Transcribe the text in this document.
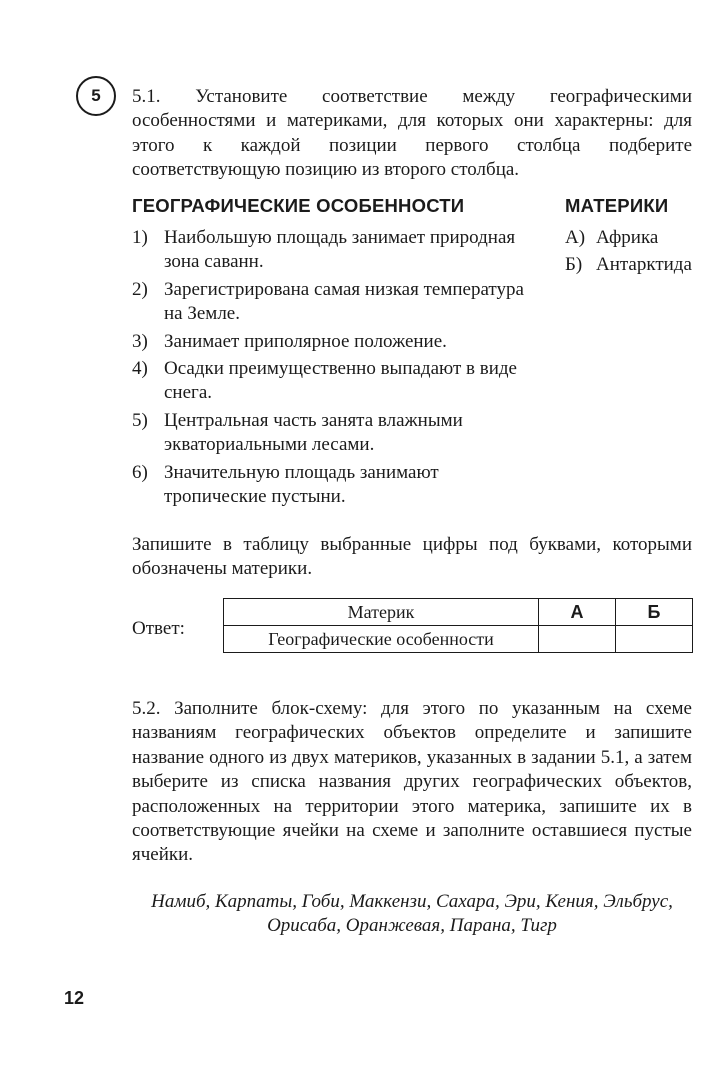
5 5.1. Установите соответствие между географическими особенностями и материками, для которых они характерны: для этого к каждой позиции первого столбца подберите соответствующую позицию из второго столбца.

ГЕОГРАФИЧЕСКИЕ ОСОБЕННОСТИ	МАТЕРИКИ
1) Наибольшую площадь занимает природная зона саванн.
2) Зарегистрирована самая низкая температура на Земле.
3) Занимает приполярное положение.
4) Осадки преимущественно выпадают в виде снега.
5) Центральная часть занята влажными экваториальными лесами.
6) Значительную площадь занимают тропические пустыни.
А) Африка
Б) Антарктида

Запишите в таблицу выбранные цифры под буквами, которыми обозначены материки.

Ответ:
Материк	А	Б
Географические особенности		

5.2. Заполните блок-схему: для этого по указанным на схеме названиям географических объектов определите и запишите название одного из двух материков, указанных в задании 5.1, а затем выберите из списка названия других географических объектов, расположенных на территории этого материка, запишите их в соответствующие ячейки на схеме и заполните оставшиеся пустые ячейки.

Намиб, Карпаты, Гоби, Маккензи, Сахара, Эри, Кения, Эльбрус, Орисаба, Оранжевая, Парана, Тигр

12
